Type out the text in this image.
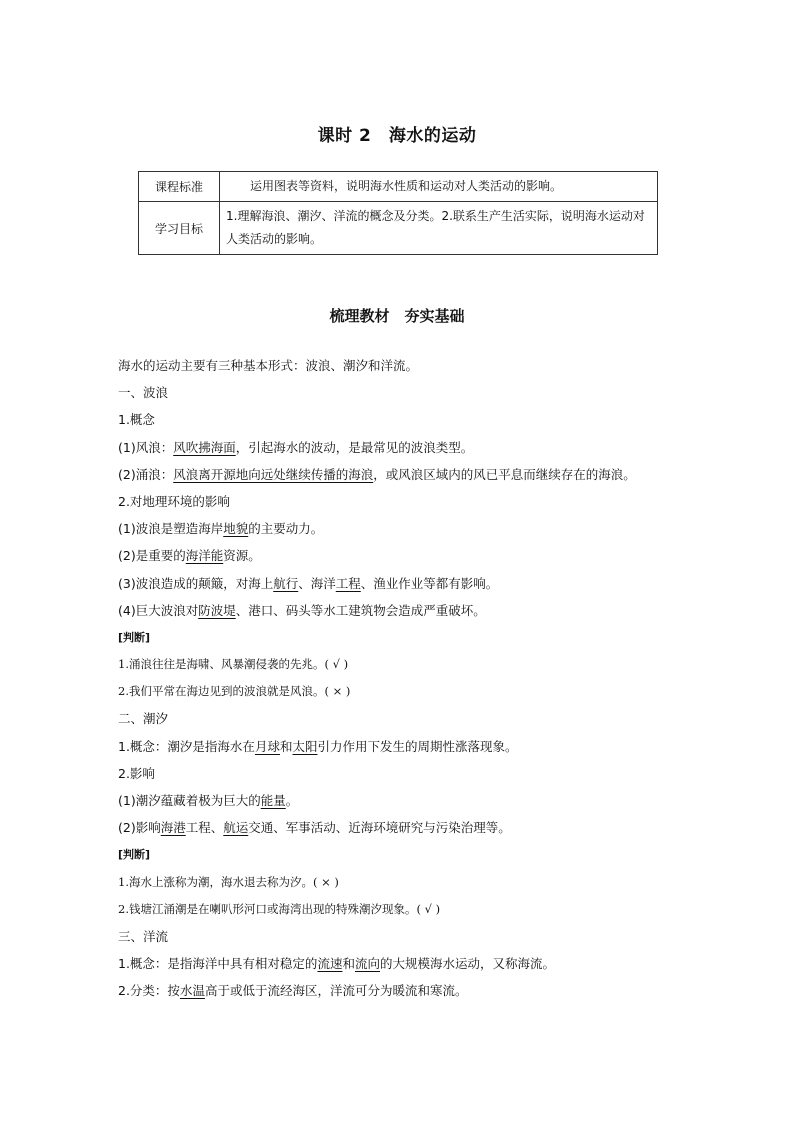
课时 2　海水的运动
课程标准	运用图表等资料，说明海水性质和运动对人类活动的影响。
学习目标	1.理解海浪、潮汐、洋流的概念及分类。2.联系生产生活实际，说明海水运动对人类活动的影响。
梳理教材　夯实基础
海水的运动主要有三种基本形式：波浪、潮汐和洋流。
一、波浪
1.概念
(1)风浪：风吹拂海面，引起海水的波动，是最常见的波浪类型。
(2)涌浪：风浪离开源地向远处继续传播的海浪，或风浪区域内的风已平息而继续存在的海浪。
2.对地理环境的影响
(1)波浪是塑造海岸地貌的主要动力。
(2)是重要的海洋能资源。
(3)波浪造成的颠簸，对海上航行、海洋工程、渔业作业等都有影响。
(4)巨大波浪对防波堤、港口、码头等水工建筑物会造成严重破坏。
[判断]
1.涌浪往往是海啸、风暴潮侵袭的先兆。( √ )
2.我们平常在海边见到的波浪就是风浪。( × )
二、潮汐
1.概念：潮汐是指海水在月球和太阳引力作用下发生的周期性涨落现象。
2.影响
(1)潮汐蕴藏着极为巨大的能量。
(2)影响海港工程、航运交通、军事活动、近海环境研究与污染治理等。
[判断]
1.海水上涨称为潮，海水退去称为汐。( × )
2.钱塘江涌潮是在喇叭形河口或海湾出现的特殊潮汐现象。( √ )
三、洋流
1.概念：是指海洋中具有相对稳定的流速和流向的大规模海水运动，又称海流。
2.分类：按水温高于或低于流经海区，洋流可分为暖流和寒流。
